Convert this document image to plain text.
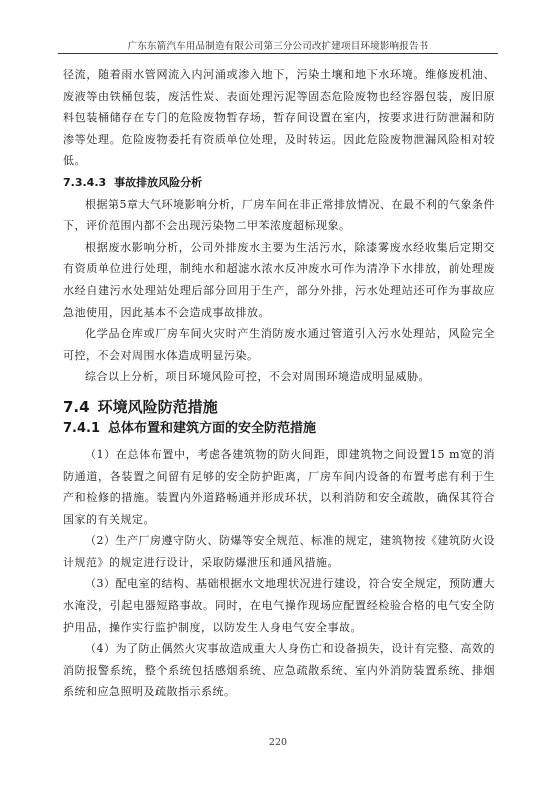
广东东箭汽车用品制造有限公司第三分公司改扩建项目环境影响报告书

径流，随着雨水管网流入内河涌或渗入地下，污染土壤和地下水环境。维修废机油、废液等由铁桶包装，废活性炭、表面处理污泥等固态危险废物也经容器包装，废旧原料包装桶储存在专门的危险废物暂存场，暂存间设置在室内，按要求进行防泄漏和防渗等处理。危险废物委托有资质单位处理，及时转运。因此危险废物泄漏风险相对较低。

7.3.4.3 事故排放风险分析

根据第5章大气环境影响分析，厂房车间在非正常排放情况、在最不利的气象条件下，评价范围内都不会出现污染物二甲苯浓度超标现象。

根据废水影响分析，公司外排废水主要为生活污水，除漆雾废水经收集后定期交有资质单位进行处理，制纯水和超滤水浓水反冲废水可作为清净下水排放，前处理废水经自建污水处理站处理后部分回用于生产，部分外排，污水处理站还可作为事故应急池使用，因此基本不会造成事故排放。

化学品仓库或厂房车间火灾时产生消防废水通过管道引入污水处理站，风险完全可控，不会对周围水体造成明显污染。

综合以上分析，项目环境风险可控，不会对周围环境造成明显威胁。

7.4 环境风险防范措施
7.4.1 总体布置和建筑方面的安全防范措施

（1）在总体布置中，考虑各建筑物的防火间距，即建筑物之间设置15 m宽的消防通道，各装置之间留有足够的安全防护距离，厂房车间内设备的布置考虑有利于生产和检修的措施。装置内外道路畅通并形成环状，以利消防和安全疏散，确保其符合国家的有关规定。

（2）生产厂房遵守防火、防爆等安全规范、标准的规定，建筑物按《建筑防火设计规范》的规定进行设计，采取防爆泄压和通风措施。

（3）配电室的结构、基础根据水文地理状况进行建设，符合安全规定，预防遭大水淹没，引起电器短路事故。同时，在电气操作现场应配置经检验合格的电气安全防护用品，操作实行监护制度，以防发生人身电气安全事故。

（4）为了防止偶然火灾事故造成重大人身伤亡和设备损失，设计有完整、高效的消防报警系统，整个系统包括感烟系统、应急疏散系统、室内外消防装置系统、排烟系统和应急照明及疏散指示系统。

220
